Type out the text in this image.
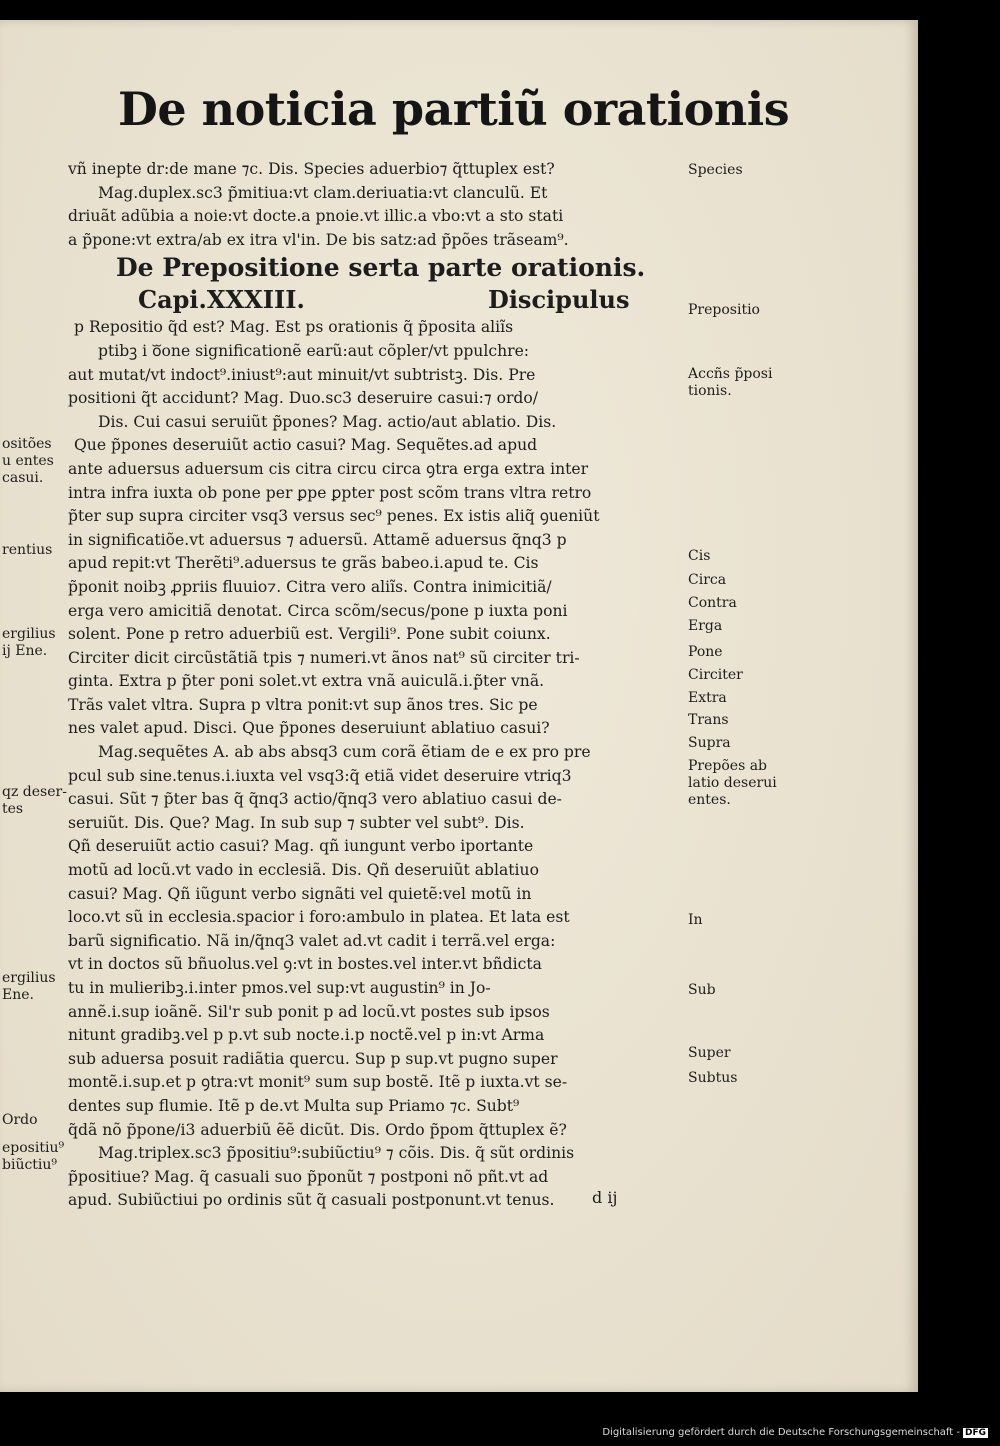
De noticia partiũ orationis
vñ inepte dr:de mane ⁊c. Dis. Species aduerbio⁊ q̃ttuplex est?
Mag.duplex.sc3 p̃mitiua:vt clam.deriuatia:vt clanculũ. Et
driuãt adũbia a noie:vt docte.a pnoie.vt illic.a vbo:vt a sto stati
a p̃pone:vt extra/ab ex itra vl'in. De bis satz:ad p̃pões trãseam⁹.
De Prepositione serta parte orationis.
Capi.XXXIII.	Discipulus
p Repositio q̃d est? Mag. Est ps orationis q̃ p̃posita aliĩs
ptibꝫ i oᷓone significationẽ earũ:aut cõpler/vt ppulchre:
aut mutat/vt indoct⁹.iniust⁹:aut minuit/vt subtristꝫ. Dis. Pre
positioni q̃t accidunt? Mag. Duo.sc3 deseruire casui:⁊ ordo/
Dis. Cui casui seruiũt p̃pones? Mag. actio/aut ablatio. Dis.
Que p̃pones deseruiũt actio casui? Mag. Sequẽtes.ad apud
ante aduersus aduersum cis citra circu circa ꝯtra erga extra inter
intra infra iuxta ob pone per ꝑpe ꝑpter post scõm trans vltra retro
p̃ter sup supra circiter vsq3 versus sec⁹ penes. Ex istis aliq̃ ꝯueniũt
in significatiõe.vt aduersus ⁊ aduersũ. Attamẽ aduersus q̃nq3 p
apud repit:vt Therẽti⁹.aduersus te grãs babeo.i.apud te. Cis
p̃ponit noibꝫ ꝓpriis fluuio⁊. Citra vero aliĩs. Contra inimicitiã/
erga vero amicitiã denotat. Circa scõm/secus/pone p iuxta poni
solent. Pone p retro aduerbiũ est. Vergili⁹. Pone subit coiunx.
Circiter dicit circũstãtiã tpis ⁊ numeri.vt ãnos nat⁹ sũ circiter tri-
ginta. Extra p p̃ter poni solet.vt extra vnã auiculã.i.p̃ter vnã.
Trãs valet vltra. Supra p vltra ponit:vt sup ãnos tres. Sic pe
nes valet apud. Disci. Que p̃pones deseruiunt ablatiuo casui?
Mag.sequẽtes A. ab abs absq3 cum corã ẽtiam de e ex pro pre
pcul sub sine.tenus.i.iuxta vel vsq3:q̃ etiã videt deseruire vtriq3
casui. Sũt ⁊ p̃ter bas q̃ q̃nq3 actio/q̃nq3 vero ablatiuo casui de-
seruiũt. Dis. Que? Mag. In sub sup ⁊ subter vel subt⁹. Dis.
Qñ deseruiũt actio casui? Mag. qñ iungunt verbo iportante
motũ ad locũ.vt vado in ecclesiã. Dis. Qñ deseruiũt ablatiuo
casui? Mag. Qñ iũgunt verbo signãti vel quietẽ:vel motũ in
loco.vt sũ in ecclesia.spacior i foro:ambulo in platea. Et lata est
barũ significatio. Nã in/q̃nq3 valet ad.vt cadit i terrã.vel erga:
vt in doctos sũ bñuolus.vel ꝯ:vt in bostes.vel inter.vt bñdicta
tu in mulieribꝫ.i.inter pmos.vel sup:vt augustin⁹ in Jo-
annẽ.i.sup ioãnẽ. Sil'r sub ponit p ad locũ.vt postes sub ipsos
nitunt gradibꝫ.vel p p.vt sub nocte.i.p noctẽ.vel p in:vt Arma
sub aduersa posuit radiãtia quercu. Sup p sup.vt pugno super
montẽ.i.sup.et p ꝯtra:vt monit⁹ sum sup bostẽ. Itẽ p iuxta.vt se-
dentes sup flumie. Itẽ p de.vt Multa sup Priamo ⁊c. Subt⁹
q̃dã nõ p̃pone/i3 aduerbiũ ẽẽ dicũt. Dis. Ordo p̃pom q̃ttuplex ẽ?
Mag.triplex.sc3 p̃positiu⁹:subiũctiu⁹ ⁊ cõis. Dis. q̃ sũt ordinis
p̃positiue? Mag. q̃ casuali suo p̃ponũt ⁊ postponi nõ pñt.vt ad
apud. Subiũctiui po ordinis sũt q̃ casuali postponunt.vt tenus.
Species
Prepositio
Accñs p̃posi
tionis.
Cis
Circa
Contra
Erga
Pone
Circiter
Extra
Trans
Supra
Prepões ab
latio deserui
entes.
In
Sub
Super
Subtus
ositões
u entes
casui.
rentius
ergilius
ij Ene.
qz deser-
tes
ergilius
Ene.
Ordo
epositiu⁹
biũctiu⁹
d ij
Digitalisierung gefördert durch die Deutsche Forschungsgemeinschaft - DFG
